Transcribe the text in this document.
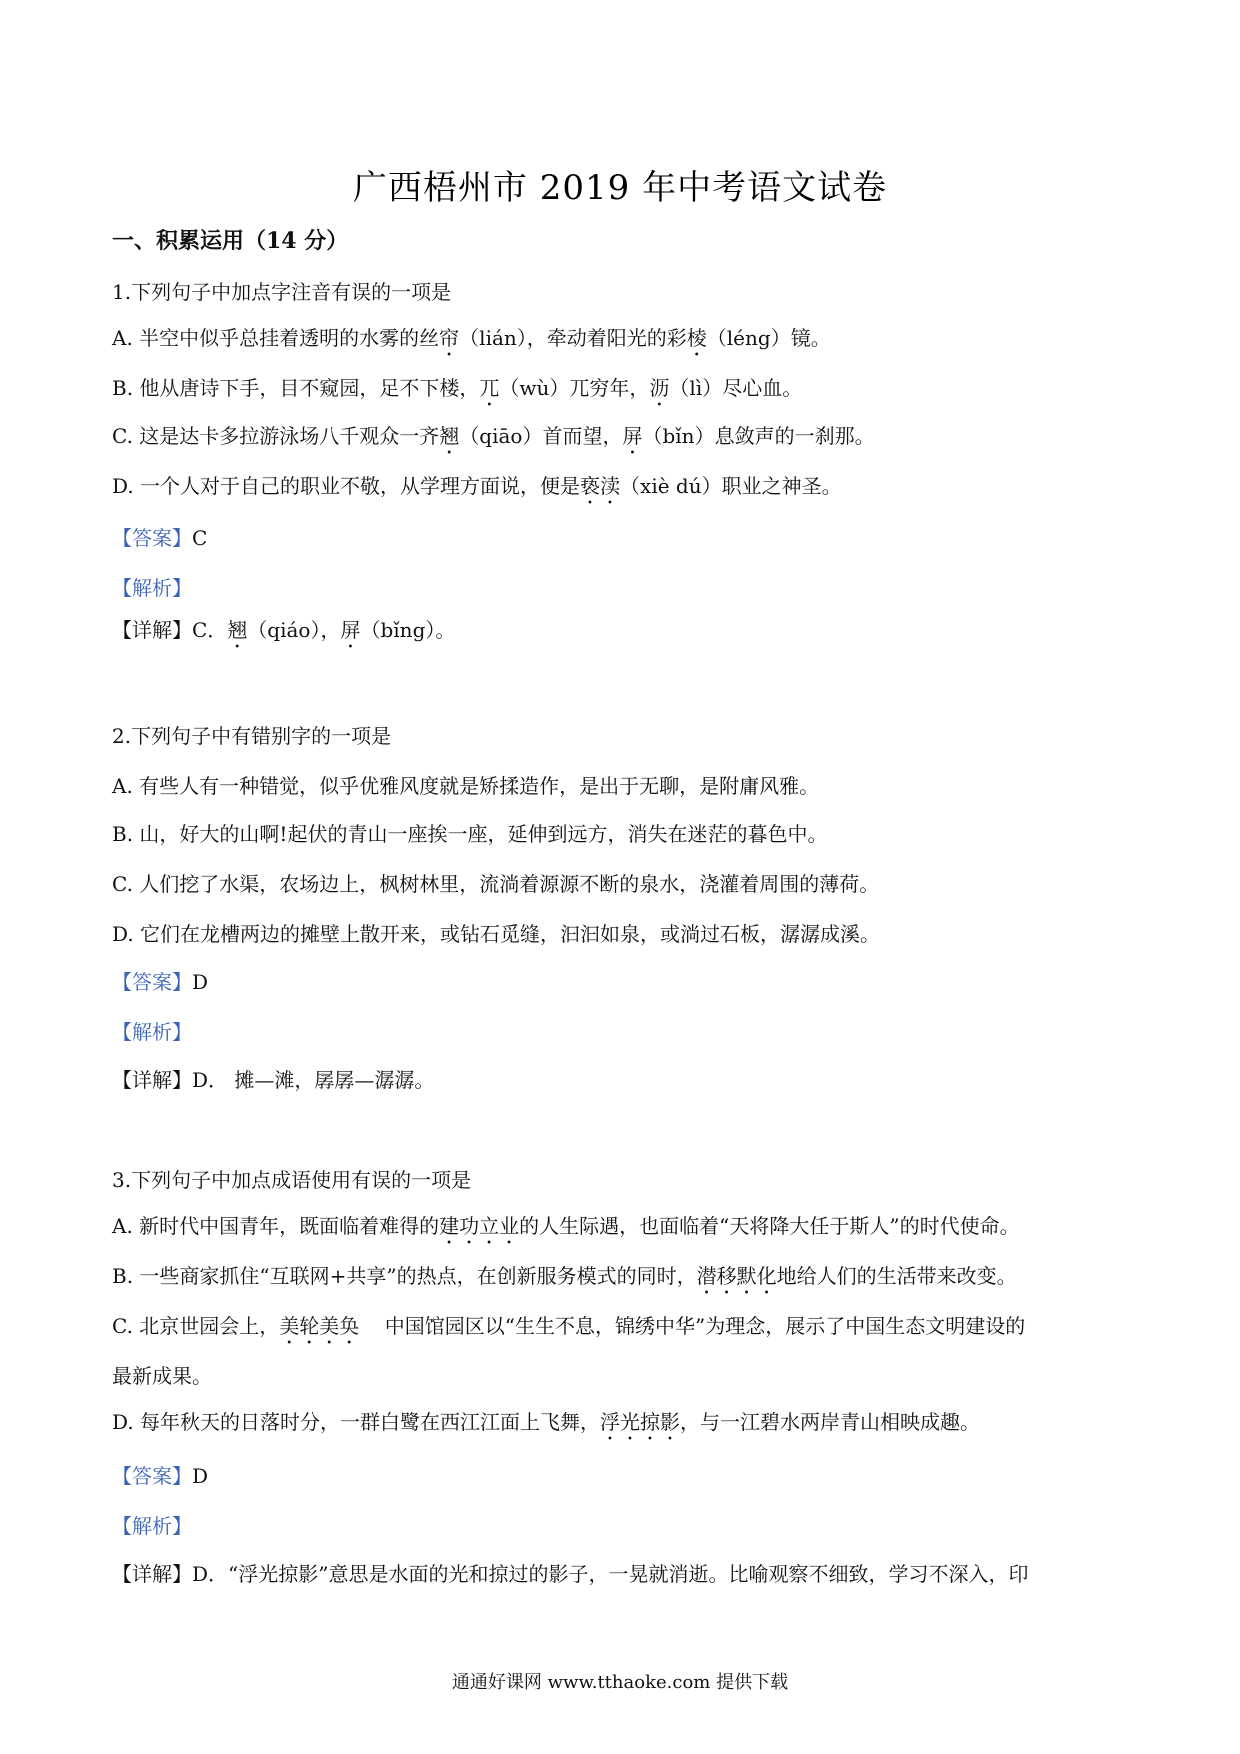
广西梧州市 2019 年中考语文试卷
一、积累运用（14 分）
1.下列句子中加点字注音有误的一项是
A. 半空中似乎总挂着透明的水雾的丝帘（lián），牵动着阳光的彩棱（léng）镜。
B. 他从唐诗下手，目不窥园，足不下楼，兀（wù）兀穷年，沥（lì）尽心血。
C. 这是达卡多拉游泳场八千观众一齐翘（qiāo）首而望，屏（bǐn）息敛声的一刹那。
D. 一个人对于自己的职业不敬，从学理方面说，便是亵渎（xiè dú）职业之神圣。
【答案】C
【解析】
【详解】C．翘（qiáo），屏（bǐng）。
2.下列句子中有错别字的一项是
A. 有些人有一种错觉，似乎优雅风度就是矫揉造作，是出于无聊，是附庸风雅。
B. 山，好大的山啊!起伏的青山一座挨一座，延伸到远方，消失在迷茫的暮色中。
C. 人们挖了水渠，农场边上，枫树林里，流淌着源源不断的泉水，浇灌着周围的薄荷。
D. 它们在龙槽两边的摊壁上散开来，或钻石觅缝，汩汩如泉，或淌过石板，潺潺成溪。
【答案】D
【解析】
【详解】D． 摊—滩，孱孱—潺潺。
3.下列句子中加点成语使用有误的一项是
A. 新时代中国青年，既面临着难得的建功立业的人生际遇，也面临着“天将降大任于斯人”的时代使命。
B. 一些商家抓住“互联网+共享”的热点，在创新服务模式的同时，潜移默化地给人们的生活带来改变。
C. 北京世园会上，美轮美奂    中国馆园区以“生生不息，锦绣中华”为理念，展示了中国生态文明建设的
最新成果。
D. 每年秋天的日落时分，一群白鹭在西江江面上飞舞，浮光掠影，与一江碧水两岸青山相映成趣。
【答案】D
【解析】
【详解】D．“浮光掠影”意思是水面的光和掠过的影子，一晃就消逝。比喻观察不细致，学习不深入，印
通通好课网 www.tthaoke.com 提供下载
